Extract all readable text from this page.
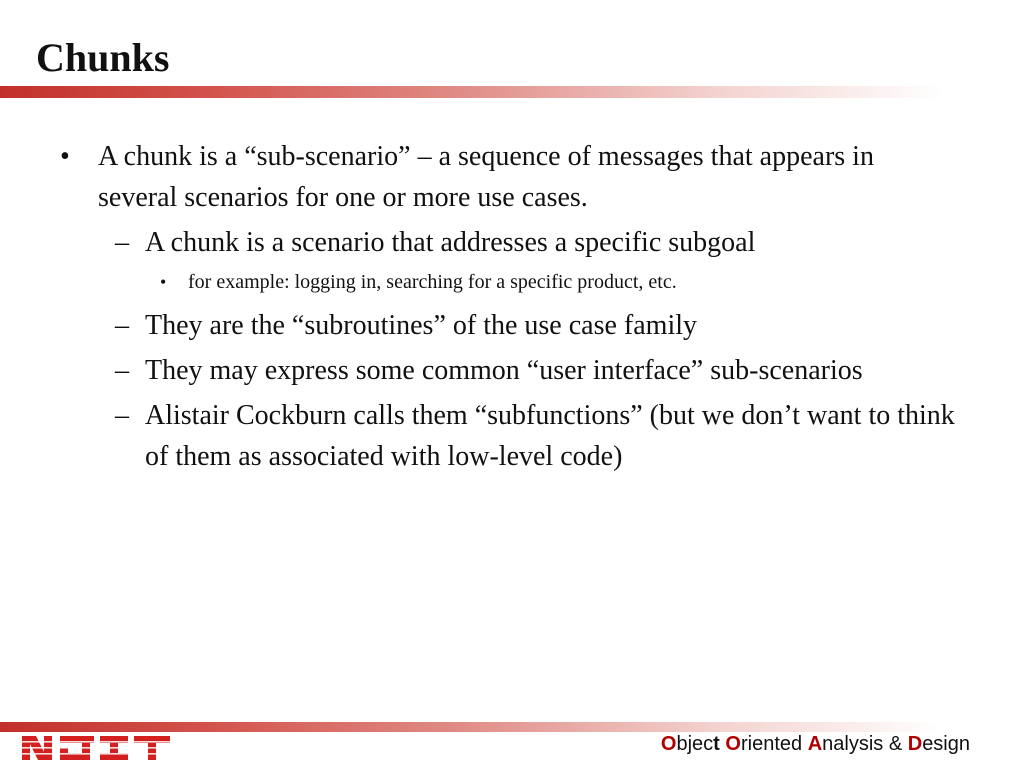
Chunks
• A chunk is a “sub-scenario” – a sequence of messages that appears in several scenarios for one or more use cases.
– A chunk is a scenario that addresses a specific subgoal
• for example: logging in, searching for a specific product, etc.
– They are the “subroutines” of the use case family
– They may express some common “user interface” sub-scenarios
– Alistair Cockburn calls them “subfunctions” (but we don’t want to think of them as associated with low-level code)
Object Oriented Analysis & Design
